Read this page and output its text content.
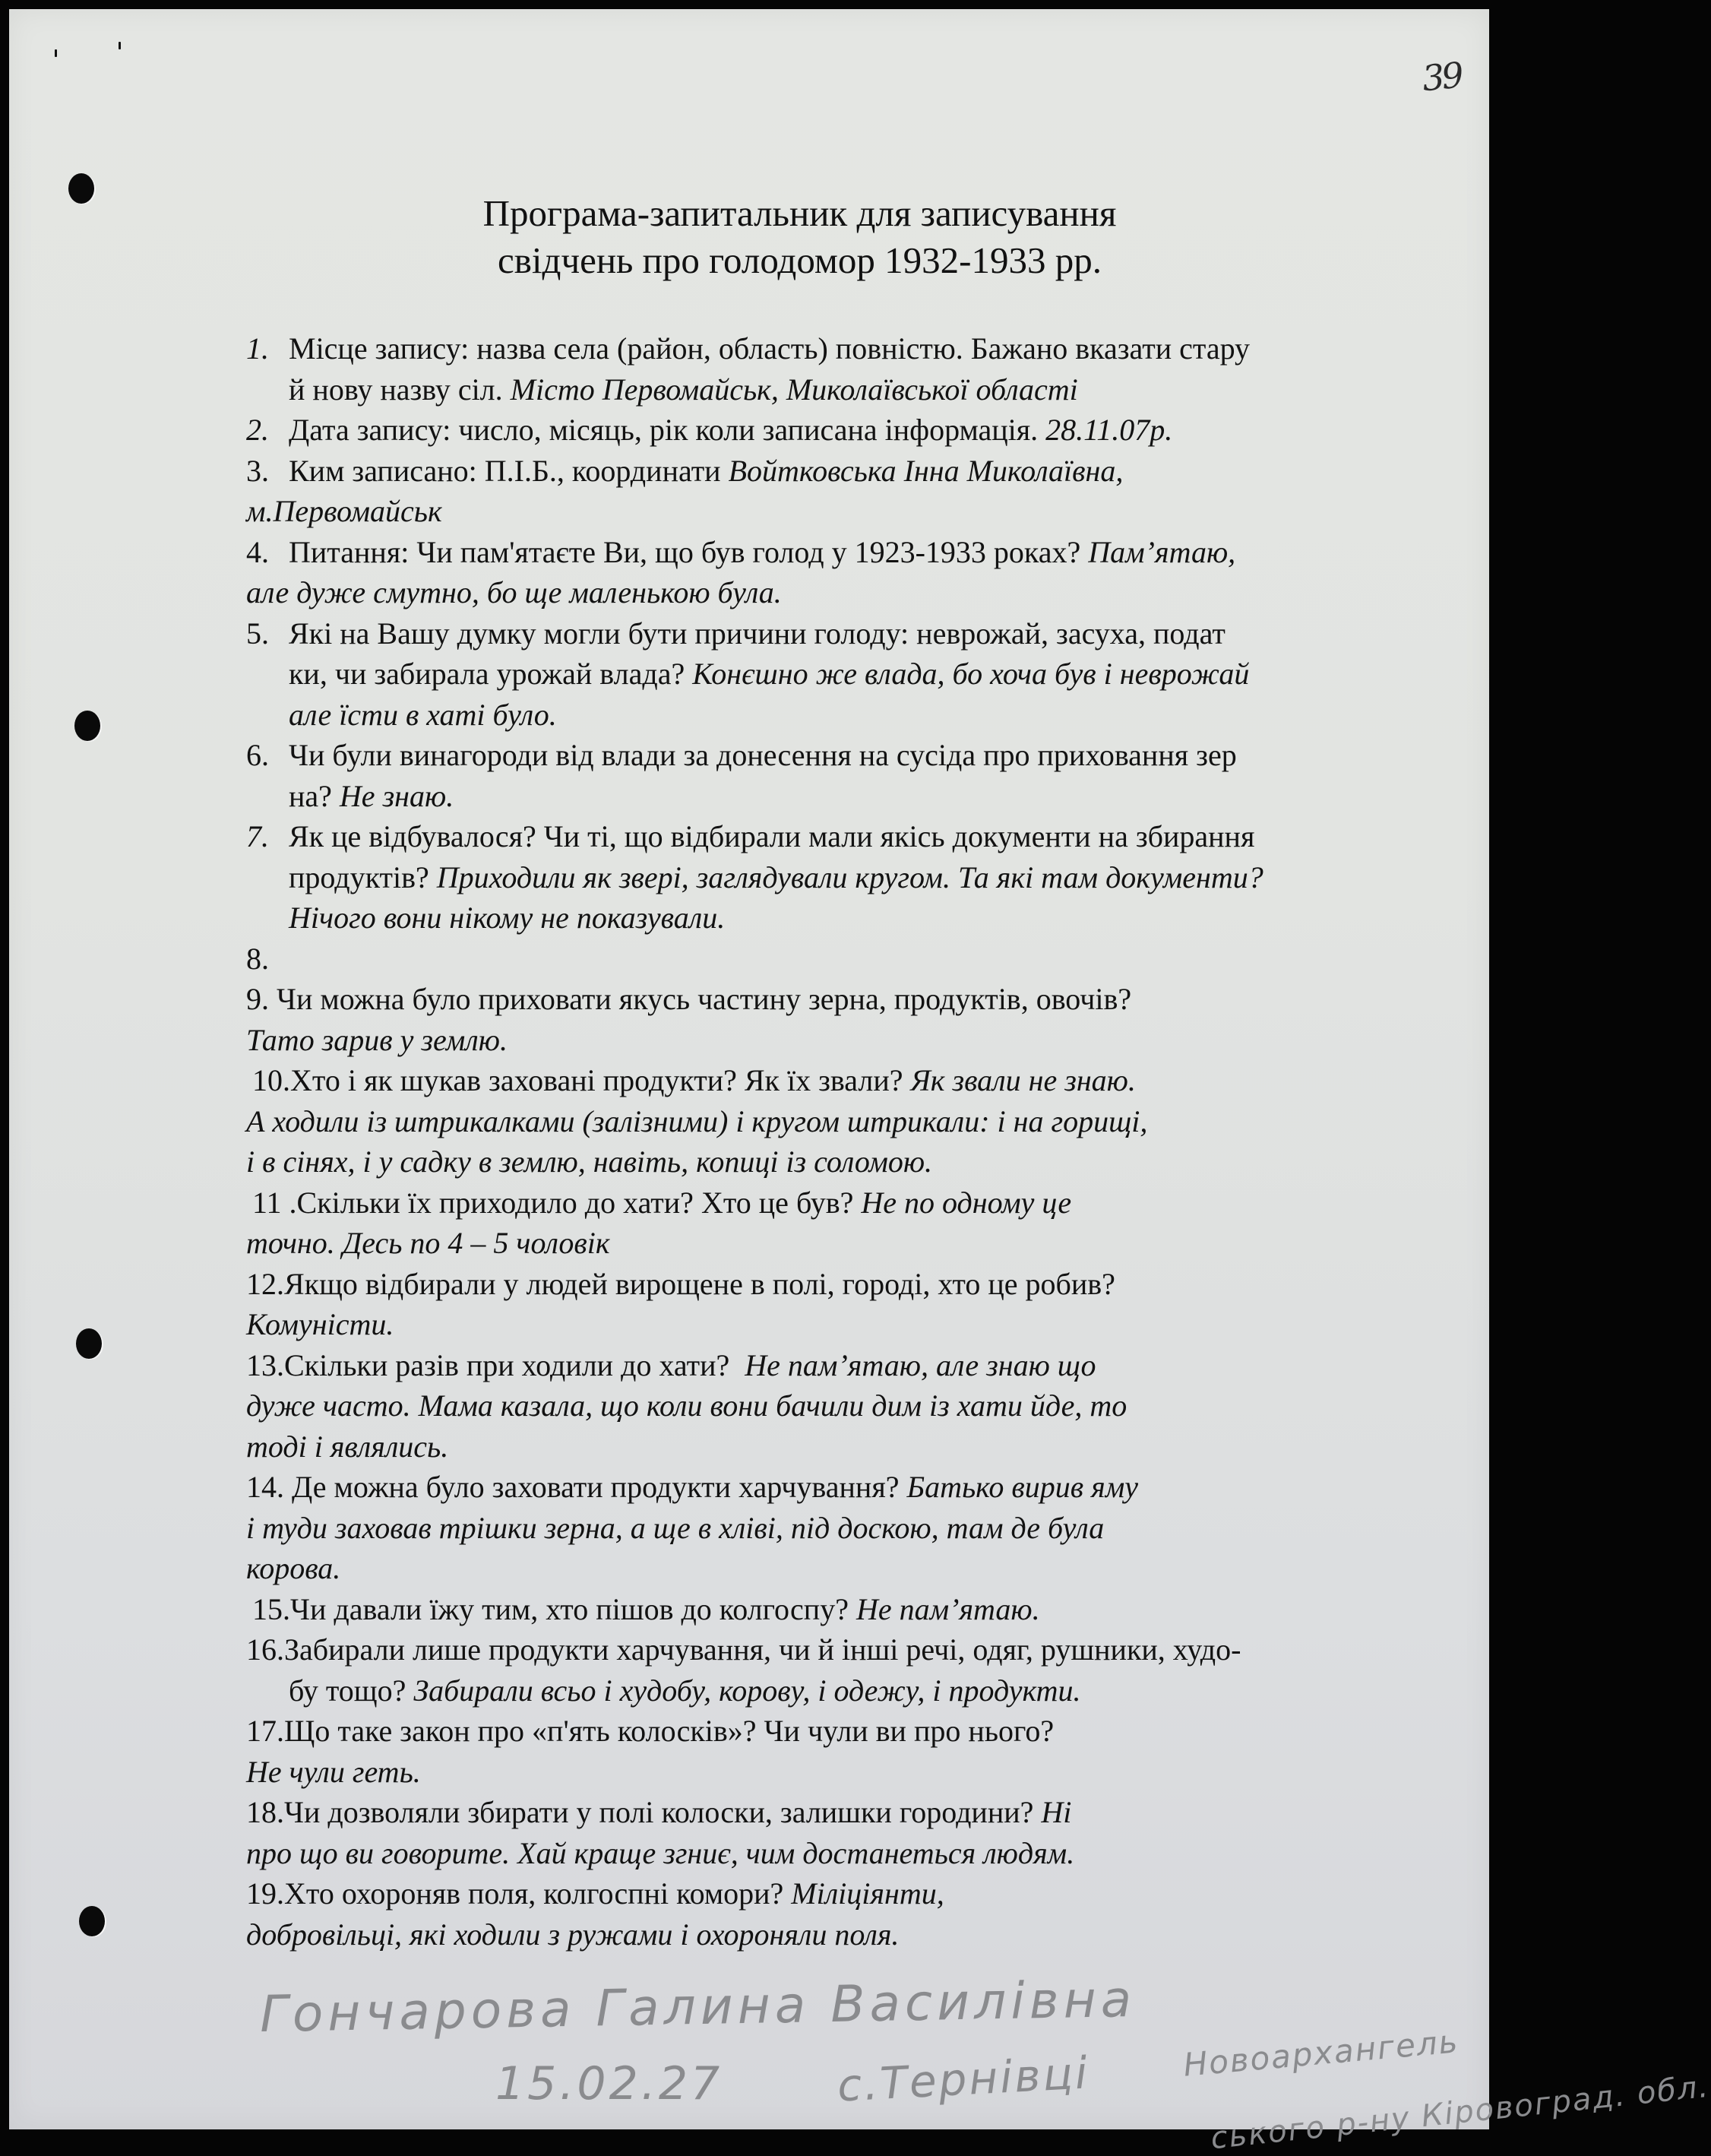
39
Програма-запитальник для записування
свідчень про голодомор 1932-1933 рр.
1. Місце запису: назва села (район, область) повністю. Бажано вказати стару
й нову назву сіл. Місто Первомайськ, Миколаївської області
2. Дата запису: число, місяць, рік коли записана інформація. 28.11.07р.
3. Ким записано: П.І.Б., координати Войтковська Інна Миколаївна,
м.Первомайськ
4. Питання: Чи пам'ятаєте Ви, що був голод у 1923-1933 роках? Пам’ятаю,
але дуже смутно, бо ще маленькою була.
5. Які на Вашу думку могли бути причини голоду: неврожай, засуха, подат
ки, чи забирала урожай влада? Конєшно же влада, бо хоча був і неврожай
але їсти в хаті було.
6. Чи були винагороди від влади за донесення на сусіда про приховання зер
на? Не знаю.
7. Як це відбувалося? Чи ті, що відбирали мали якісь документи на збирання
продуктів? Приходили як звері, заглядували кругом. Та які там документи?
Нічого вони нікому не показували.
8.
9. Чи можна було приховати якусь частину зерна, продуктів, овочів?
Тато зарив у землю.
10.Хто і як шукав заховані продукти? Як їх звали? Як звали не знаю.
А ходили із штрикалками (залізними) і кругом штрикали: і на горищі,
і в сінях, і у садку в землю, навіть, копиці із соломою.
11 .Скільки їх приходило до хати? Хто це був? Не по одному це
точно. Десь по 4 – 5 чоловік
12.Якщо відбирали у людей вирощене в полі, городі, хто це робив?
Комуністи.
13.Скільки разів при ходили до хати?  Не пам’ятаю, але знаю що
дуже часто. Мама казала, що коли вони бачили дим із хати йде, то
тоді і являлись.
14. Де можна було заховати продукти харчування? Батько вирив яму
і туди заховав трішки зерна, а ще в хліві, під доскою, там де була
корова.
15.Чи давали їжу тим, хто пішов до колгоспу? Не пам’ятаю.
16.Забирали лише продукти харчування, чи й інші речі, одяг, рушники, худо-
бу тощо? Забирали всьо і худобу, корову, і одежу, і продукти.
17.Що таке закон про «п'ять колосків»? Чи чули ви про нього?
Не чули геть.
18.Чи дозволяли збирати у полі колоски, залишки городини? Ні
про що ви говорите. Хай краще згниє, чим достанеться людям.
19.Хто охороняв поля, колгоспні комори? Міліціянти,
добровільці, які ходили з ружами і охороняли поля.
Гончарова Галина Василівна
15.02.27	с.Тернівці	Новоархангель
ського р-ну Кіровоград. обл.
